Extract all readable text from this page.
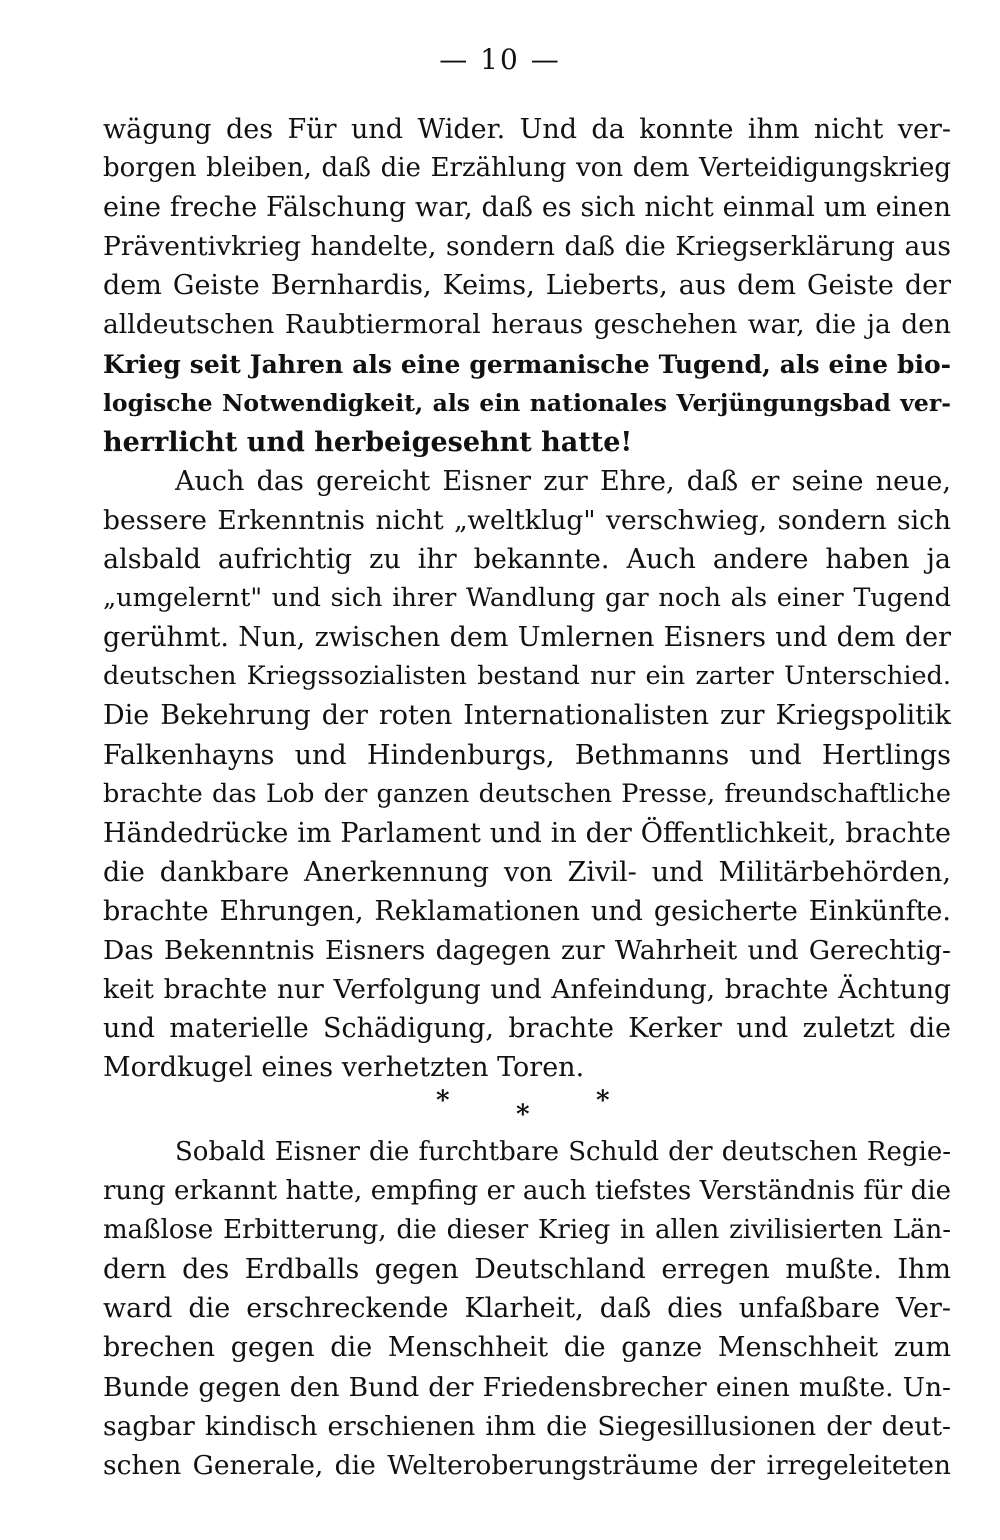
— 10 —
wägung des Für und Wider. Und da konnte ihm nicht ver-
borgen bleiben, daß die Erzählung von dem Verteidigungskrieg
eine freche Fälschung war, daß es sich nicht einmal um einen
Präventivkrieg handelte, sondern daß die Kriegserklärung aus
dem Geiste Bernhardis, Keims, Lieberts, aus dem Geiste der
alldeutschen Raubtiermoral heraus geschehen war, die ja den
Krieg seit Jahren als eine germanische Tugend, als eine bio-
logische Notwendigkeit, als ein nationales Verjüngungsbad ver-
herrlicht und herbeigesehnt hatte!
Auch das gereicht Eisner zur Ehre, daß er seine neue,
bessere Erkenntnis nicht „weltklug" verschwieg, sondern sich
alsbald aufrichtig zu ihr bekannte. Auch andere haben ja
„umgelernt" und sich ihrer Wandlung gar noch als einer Tugend
gerühmt. Nun, zwischen dem Umlernen Eisners und dem der
deutschen Kriegssozialisten bestand nur ein zarter Unterschied.
Die Bekehrung der roten Internationalisten zur Kriegspolitik
Falkenhayns und Hindenburgs, Bethmanns und Hertlings
brachte das Lob der ganzen deutschen Presse, freundschaftliche
Händedrücke im Parlament und in der Öffentlichkeit, brachte
die dankbare Anerkennung von Zivil- und Militärbehörden,
brachte Ehrungen, Reklamationen und gesicherte Einkünfte.
Das Bekenntnis Eisners dagegen zur Wahrheit und Gerechtig-
keit brachte nur Verfolgung und Anfeindung, brachte Ächtung
und materielle Schädigung, brachte Kerker und zuletzt die
Mordkugel eines verhetzten Toren.
*	*	*
Sobald Eisner die furchtbare Schuld der deutschen Regie-
rung erkannt hatte, empfing er auch tiefstes Verständnis für die
maßlose Erbitterung, die dieser Krieg in allen zivilisierten Län-
dern des Erdballs gegen Deutschland erregen mußte. Ihm
ward die erschreckende Klarheit, daß dies unfaßbare Ver-
brechen gegen die Menschheit die ganze Menschheit zum
Bunde gegen den Bund der Friedensbrecher einen mußte. Un-
sagbar kindisch erschienen ihm die Siegesillusionen der deut-
schen Generale, die Welteroberungsträume der irregeleiteten
